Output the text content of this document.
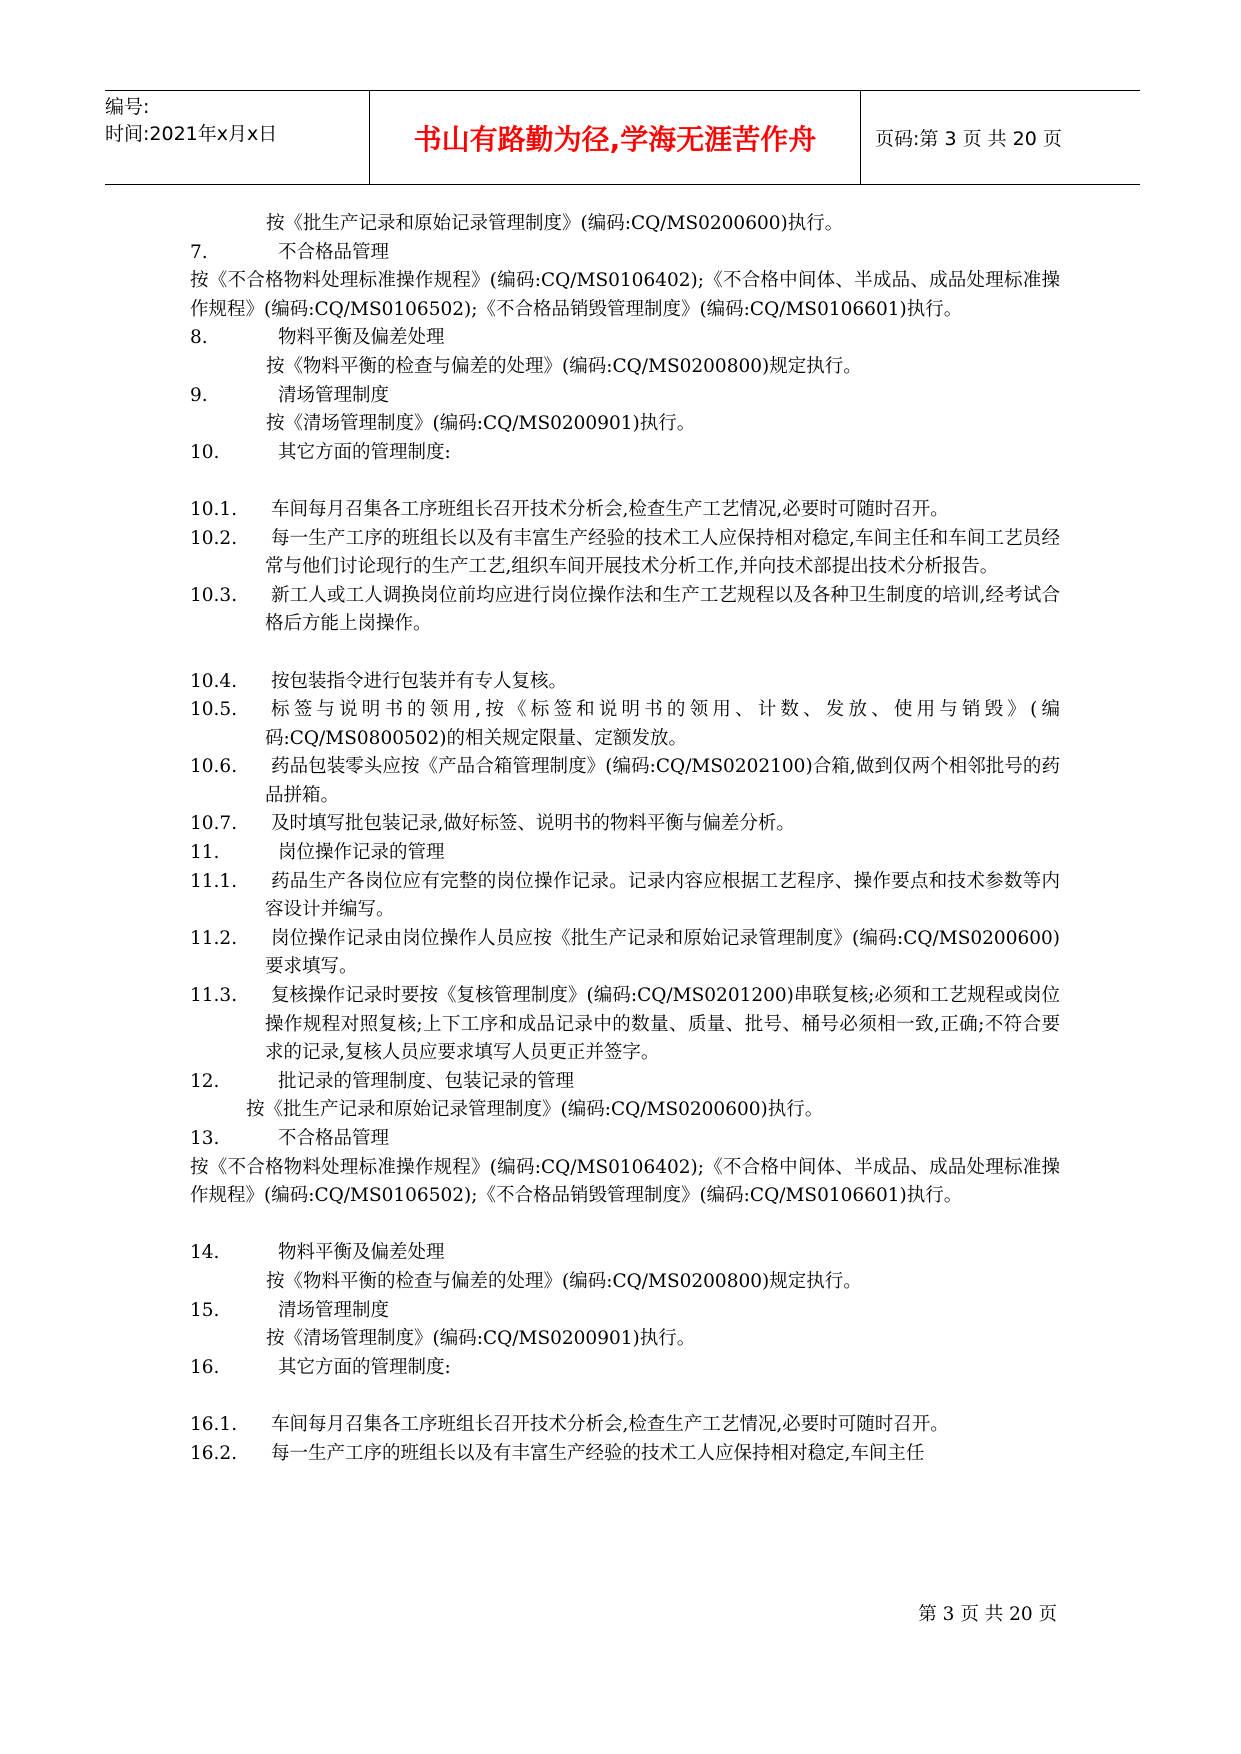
编号:
时间:2021年x月x日	书山有路勤为径,学海无涯苦作舟	页码:第 3 页 共 20 页
按《批生产记录和原始记录管理制度》(编码:CQ/MS0200600)执行。
7.	不合格品管理
按《不合格物料处理标准操作规程》(编码:CQ/MS0106402);《不合格中间体、半成品、成品处理标准操作规程》(编码:CQ/MS0106502);《不合格品销毁管理制度》(编码:CQ/MS0106601)执行。
8.	物料平衡及偏差处理
按《物料平衡的检查与偏差的处理》(编码:CQ/MS0200800)规定执行。
9.	清场管理制度
按《清场管理制度》(编码:CQ/MS0200901)执行。
10.	其它方面的管理制度:
10.1.	车间每月召集各工序班组长召开技术分析会,检查生产工艺情况,必要时可随时召开。
10.2.	每一生产工序的班组长以及有丰富生产经验的技术工人应保持相对稳定,车间主任和车间工艺员经常与他们讨论现行的生产工艺,组织车间开展技术分析工作,并向技术部提出技术分析报告。
10.3.	新工人或工人调换岗位前均应进行岗位操作法和生产工艺规程以及各种卫生制度的培训,经考试合格后方能上岗操作。
10.4.	按包装指令进行包装并有专人复核。
10.5.	标签与说明书的领用,按《标签和说明书的领用、计数、发放、使用与销毁》(编码:CQ/MS0800502)的相关规定限量、定额发放。
10.6.	药品包装零头应按《产品合箱管理制度》(编码:CQ/MS0202100)合箱,做到仅两个相邻批号的药品拼箱。
10.7.	及时填写批包装记录,做好标签、说明书的物料平衡与偏差分析。
11.	岗位操作记录的管理
11.1.	药品生产各岗位应有完整的岗位操作记录。记录内容应根据工艺程序、操作要点和技术参数等内容设计并编写。
11.2.	岗位操作记录由岗位操作人员应按《批生产记录和原始记录管理制度》(编码:CQ/MS0200600)要求填写。
11.3.	复核操作记录时要按《复核管理制度》(编码:CQ/MS0201200)串联复核;必须和工艺规程或岗位操作规程对照复核;上下工序和成品记录中的数量、质量、批号、桶号必须相一致,正确;不符合要求的记录,复核人员应要求填写人员更正并签字。
12.	批记录的管理制度、包装记录的管理
按《批生产记录和原始记录管理制度》(编码:CQ/MS0200600)执行。
13.	不合格品管理
按《不合格物料处理标准操作规程》(编码:CQ/MS0106402);《不合格中间体、半成品、成品处理标准操作规程》(编码:CQ/MS0106502);《不合格品销毁管理制度》(编码:CQ/MS0106601)执行。
14.	物料平衡及偏差处理
按《物料平衡的检查与偏差的处理》(编码:CQ/MS0200800)规定执行。
15.	清场管理制度
按《清场管理制度》(编码:CQ/MS0200901)执行。
16.	其它方面的管理制度:
16.1.	车间每月召集各工序班组长召开技术分析会,检查生产工艺情况,必要时可随时召开。
16.2.	每一生产工序的班组长以及有丰富生产经验的技术工人应保持相对稳定,车间主任
第 3 页 共 20 页
